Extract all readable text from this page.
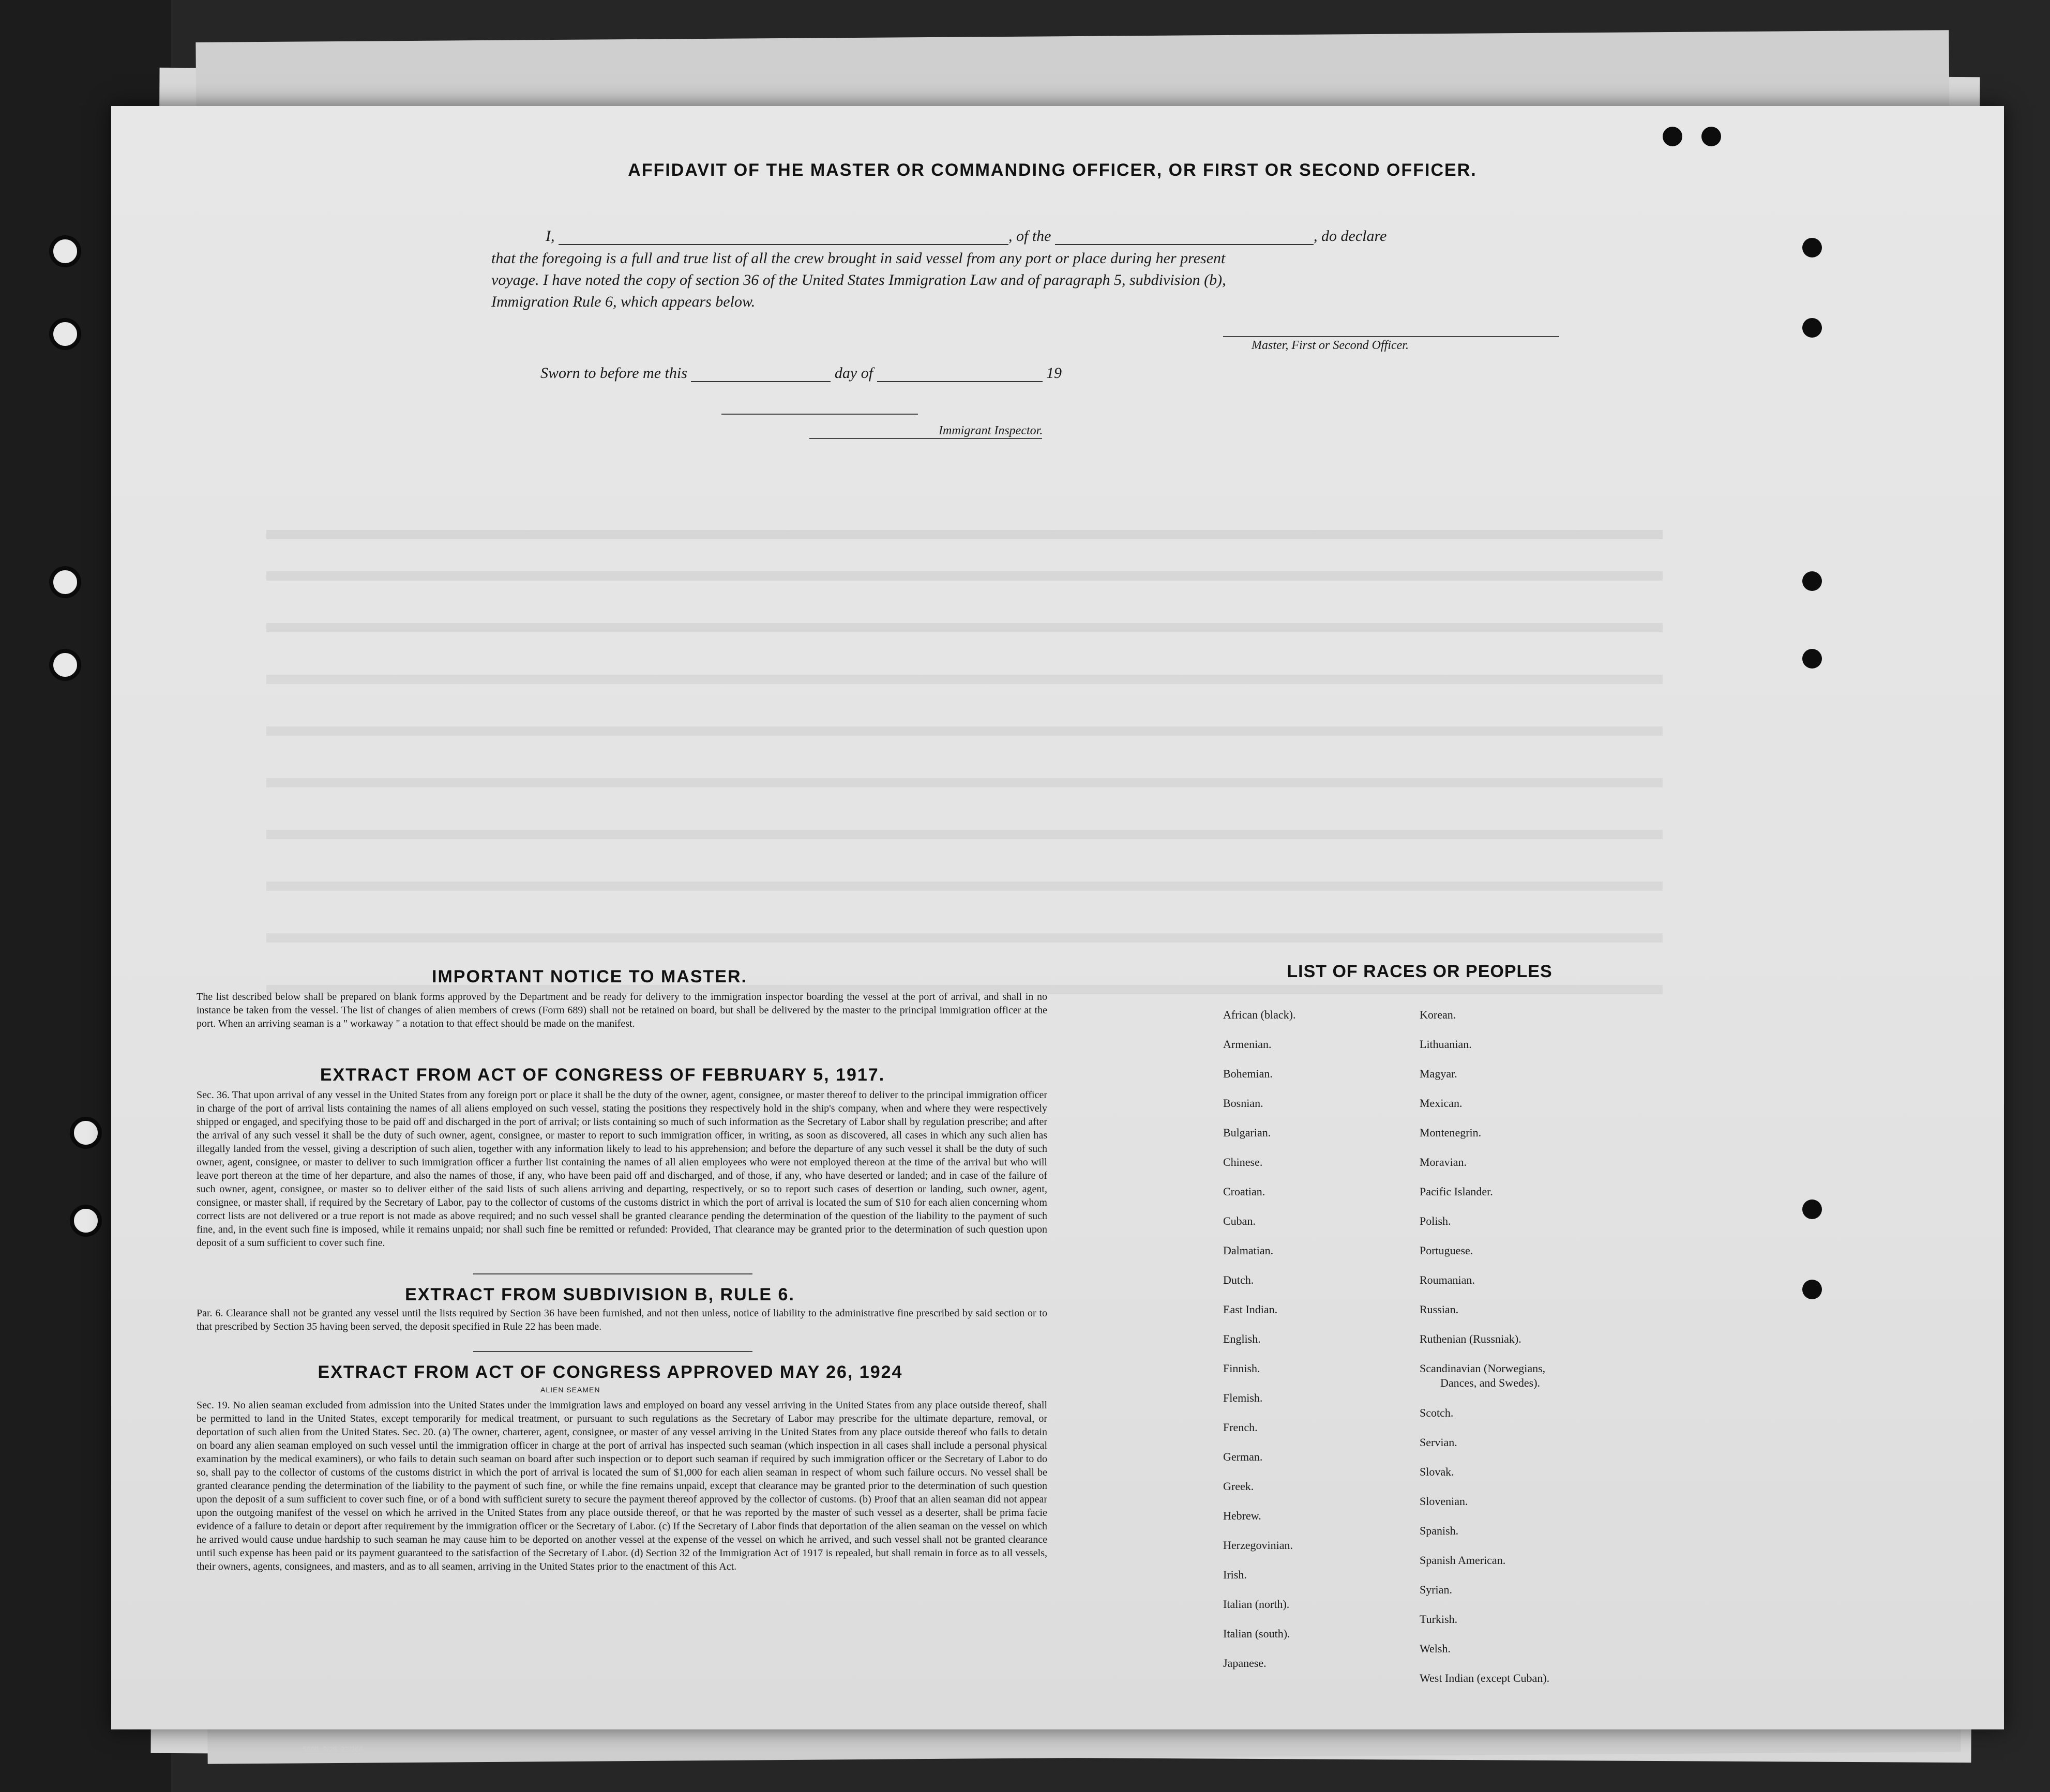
AFFIDAVIT OF THE MASTER OR COMMANDING OFFICER, OR FIRST OR SECOND OFFICER.
I,	, of the	, do declare
that the foregoing is a full and true list of all the crew brought in said vessel from any port or place during her present
voyage. I have noted the copy of section 36 of the United States Immigration Law and of paragraph 5, subdivision (b),
Immigration Rule 6, which appears below.
Master, First or Second Officer.
Sworn to before me this	day of	19
Immigrant Inspector.
IMPORTANT NOTICE TO MASTER.
The list described below shall be prepared on blank forms approved by the Department and be ready for delivery to the immigration inspector boarding the vessel at the port of arrival, and shall in no instance be taken from the vessel. The list of changes of alien members of crews (Form 689) shall not be retained on board, but shall be delivered by the master to the principal immigration officer at the port. When an arriving seaman is a " workaway " a notation to that effect should be made on the manifest.
EXTRACT FROM ACT OF CONGRESS OF FEBRUARY 5, 1917.
Sec. 36. That upon arrival of any vessel in the United States from any foreign port or place it shall be the duty of the owner, agent, consignee, or master thereof to deliver to the principal immigration officer in charge of the port of arrival lists containing the names of all aliens employed on such vessel, stating the positions they respectively hold in the ship's company, when and where they were respectively shipped or engaged, and specifying those to be paid off and discharged in the port of arrival; or lists containing so much of such information as the Secretary of Labor shall by regulation prescribe; and after the arrival of any such vessel it shall be the duty of such owner, agent, consignee, or master to report to such immigration officer, in writing, as soon as discovered, all cases in which any such alien has illegally landed from the vessel, giving a description of such alien, together with any information likely to lead to his apprehension; and before the departure of any such vessel it shall be the duty of such owner, agent, consignee, or master to deliver to such immigration officer a further list containing the names of all alien employees who were not employed thereon at the time of the arrival but who will leave port thereon at the time of her departure, and also the names of those, if any, who have been paid off and discharged, and of those, if any, who have deserted or landed; and in case of the failure of such owner, agent, consignee, or master so to deliver either of the said lists of such aliens arriving and departing, respectively, or so to report such cases of desertion or landing, such owner, agent, consignee, or master shall, if required by the Secretary of Labor, pay to the collector of customs of the customs district in which the port of arrival is located the sum of $10 for each alien concerning whom correct lists are not delivered or a true report is not made as above required; and no such vessel shall be granted clearance pending the determination of the question of the liability to the payment of such fine, and, in the event such fine is imposed, while it remains unpaid; nor shall such fine be remitted or refunded: Provided, That clearance may be granted prior to the determination of such question upon deposit of a sum sufficient to cover such fine.
EXTRACT FROM SUBDIVISION B, RULE 6.
Par. 6. Clearance shall not be granted any vessel until the lists required by Section 36 have been furnished, and not then unless, notice of liability to the administrative fine prescribed by said section or to that prescribed by Section 35 having been served, the deposit specified in Rule 22 has been made.
EXTRACT FROM ACT OF CONGRESS APPROVED MAY 26, 1924
ALIEN SEAMEN
Sec. 19. No alien seaman excluded from admission into the United States under the immigration laws and employed on board any vessel arriving in the United States from any place outside thereof, shall be permitted to land in the United States, except temporarily for medical treatment, or pursuant to such regulations as the Secretary of Labor may prescribe for the ultimate departure, removal, or deportation of such alien from the United States. Sec. 20. (a) The owner, charterer, agent, consignee, or master of any vessel arriving in the United States from any place outside thereof who fails to detain on board any alien seaman employed on such vessel until the immigration officer in charge at the port of arrival has inspected such seaman (which inspection in all cases shall include a personal physical examination by the medical examiners), or who fails to detain such seaman on board after such inspection or to deport such seaman if required by such immigration officer or the Secretary of Labor to do so, shall pay to the collector of customs of the customs district in which the port of arrival is located the sum of $1,000 for each alien seaman in respect of whom such failure occurs. No vessel shall be granted clearance pending the determination of the liability to the payment of such fine, or while the fine remains unpaid, except that clearance may be granted prior to the determination of such question upon the deposit of a sum sufficient to cover such fine, or of a bond with sufficient surety to secure the payment thereof approved by the collector of customs. (b) Proof that an alien seaman did not appear upon the outgoing manifest of the vessel on which he arrived in the United States from any place outside thereof, or that he was reported by the master of such vessel as a deserter, shall be prima facie evidence of a failure to detain or deport after requirement by the immigration officer or the Secretary of Labor. (c) If the Secretary of Labor finds that deportation of the alien seaman on the vessel on which he arrived would cause undue hardship to such seaman he may cause him to be deported on another vessel at the expense of the vessel on which he arrived, and such vessel shall not be granted clearance until such expense has been paid or its payment guaranteed to the satisfaction of the Secretary of Labor. (d) Section 32 of the Immigration Act of 1917 is repealed, but shall remain in force as to all vessels, their owners, agents, consignees, and masters, and as to all seamen, arriving in the United States prior to the enactment of this Act.
LIST OF RACES OR PEOPLES
African (black).
Armenian.
Bohemian.
Bosnian.
Bulgarian.
Chinese.
Croatian.
Cuban.
Dalmatian.
Dutch.
East Indian.
English.
Finnish.
Flemish.
French.
German.
Greek.
Hebrew.
Herzegovinian.
Irish.
Italian (north).
Italian (south).
Japanese.
Korean.
Lithuanian.
Magyar.
Mexican.
Montenegrin.
Moravian.
Pacific Islander.
Polish.
Portuguese.
Roumanian.
Russian.
Ruthenian (Russniak).
Scandinavian (Norwegians,
Dances, and Swedes).
Scotch.
Servian.
Slovak.
Slovenian.
Spanish.
Spanish American.
Syrian.
Turkish.
Welsh.
West Indian (except Cuban).
5000. 3/29. 22/366.
